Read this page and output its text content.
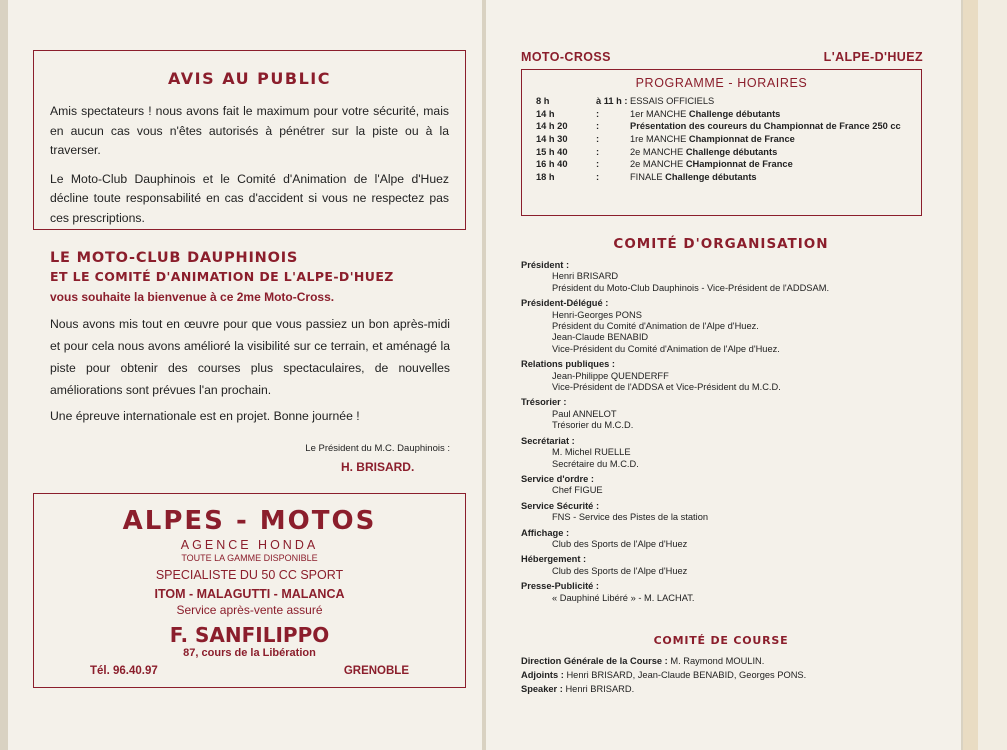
AVIS AU PUBLIC

Amis spectateurs ! nous avons fait le maximum pour votre sécurité, mais en aucun cas vous n'êtes autorisés à pénétrer sur la piste ou à la traverser.

Le Moto-Club Dauphinois et le Comité d'Animation de l'Alpe d'Huez décline toute responsabilité en cas d'accident si vous ne respectez pas ces prescriptions.

LE MOTO-CLUB DAUPHINOIS
ET LE COMITÉ D'ANIMATION DE L'ALPE-D'HUEZ
vous souhaite la bienvenue à ce 2me Moto-Cross.

Nous avons mis tout en œuvre pour que vous passiez un bon après-midi et pour cela nous avons amélioré la visibilité sur ce terrain, et aménagé la piste pour obtenir des courses plus spectaculaires, de nouvelles améliorations sont prévues l'an prochain.

Une épreuve internationale est en projet. Bonne journée !

Le Président du M.C. Dauphinois :
H. BRISARD.
ALPES - MOTOS
AGENCE HONDA
TOUTE LA GAMME DISPONIBLE
SPECIALISTE DU 50 CC SPORT
ITOM - MALAGUTTI - MALANCA
Service après-vente assuré
F. SANFILIPPO
87, cours de la Libération
Tél. 96.40.97	GRENOBLE
MOTO-CROSS	L'ALPE-D'HUEZ
PROGRAMME - HORAIRES
8 h	à 11 h :	ESSAIS OFFICIELS
14 h	:	1er MANCHE Challenge débutants
14 h 20	:	Présentation des coureurs du Championnat de France 250 cc
14 h 30	:	1re MANCHE Championnat de France
15 h 40	:	2e MANCHE Challenge débutants
16 h 40	:	2e MANCHE CHampionnat de France
18 h	:	FINALE Challenge débutants
COMITÉ D'ORGANISATION
Président :
Henri BRISARD
Président du Moto-Club Dauphinois - Vice-Président de l'ADDSAM.
Président-Délégué :
Henri-Georges PONS
Président du Comité d'Animation de l'Alpe d'Huez.
Jean-Claude BENABID
Vice-Président du Comité d'Animation de l'Alpe d'Huez.
Relations publiques :
Jean-Philippe QUENDERFF
Vice-Président de l'ADDSA et Vice-Président du M.C.D.
Trésorier :
Paul ANNELOT
Trésorier du M.C.D.
Secrétariat :
M. Michel RUELLE
Secrétaire du M.C.D.
Service d'ordre :
Chef FIGUE
Service Sécurité :
FNS - Service des Pistes de la station
Affichage :
Club des Sports de l'Alpe d'Huez
Hébergement :
Club des Sports de l'Alpe d'Huez
Presse-Publicité :
« Dauphiné Libéré » - M. LACHAT.
COMITÉ DE COURSE
Direction Générale de la Course : M. Raymond MOULIN.
Adjoints : Henri BRISARD, Jean-Claude BENABID, Georges PONS.
Speaker : Henri BRISARD.
